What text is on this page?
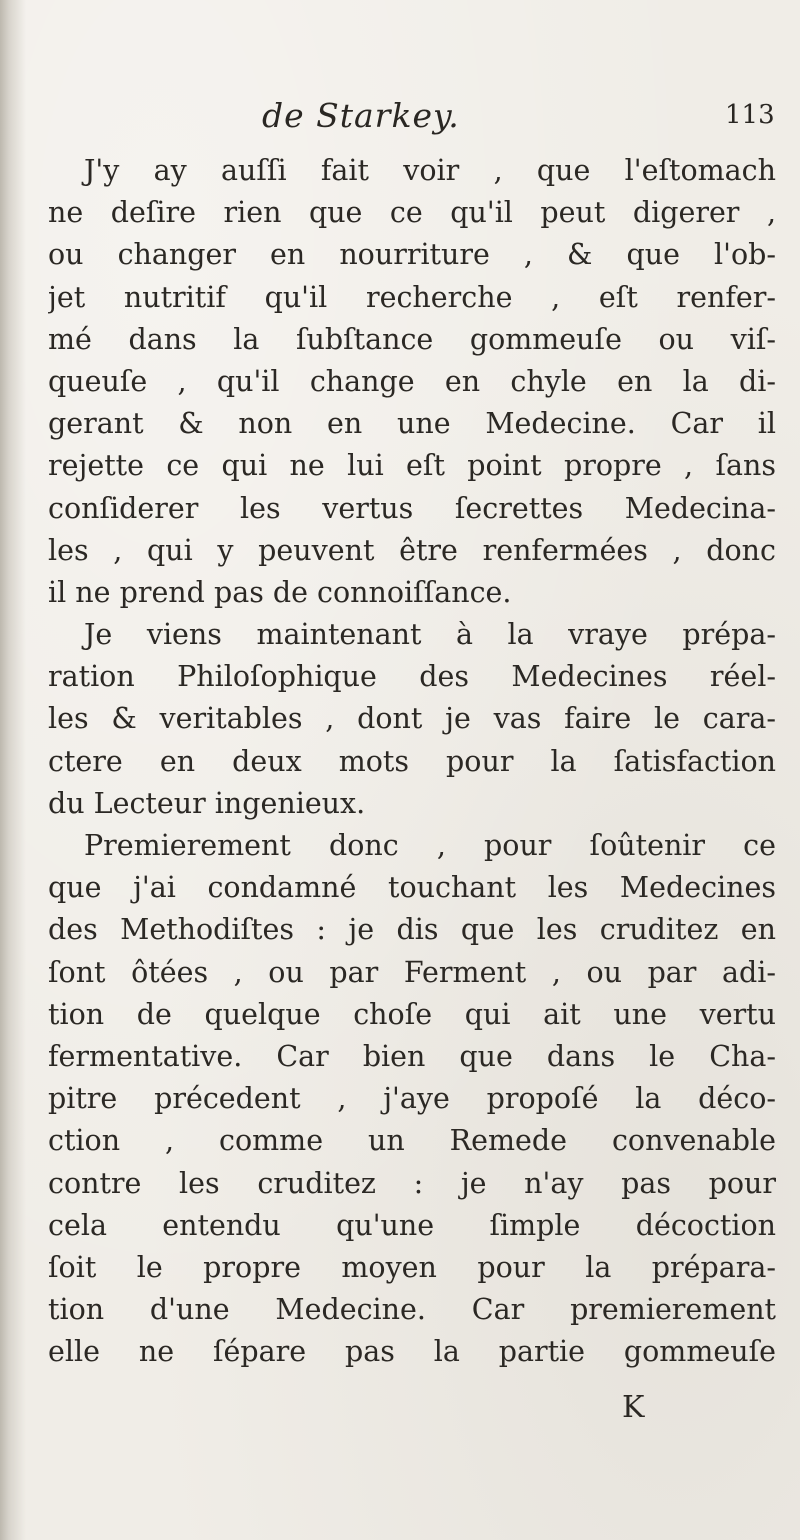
de Starkey.	113
J'y ay auſſi fait voir , que l'eſtomach
ne deſire rien que ce qu'il peut digerer ,
ou changer en nourriture , & que l'ob-
jet nutritif qu'il recherche , eſt renfer-
mé dans la ſubſtance gommeuſe ou viſ-
queuſe , qu'il change en chyle en la di-
gerant & non en une Medecine. Car il
rejette ce qui ne lui eſt point propre , ſans
conſiderer les vertus ſecrettes Medecina-
les , qui y peuvent être renfermées , donc
il ne prend pas de connoiſſance.
Je viens maintenant à la vraye prépa-
ration Philoſophique des Medecines réel-
les & veritables , dont je vas faire le cara-
ctere en deux mots pour la ſatisfaction
du Lecteur ingenieux.
Premierement donc , pour ſoûtenir ce
que j'ai condamné touchant les Medecines
des Methodiſtes : je dis que les cruditez en
ſont ôtées , ou par Ferment , ou par adi-
tion de quelque choſe qui ait une vertu
fermentative. Car bien que dans le Cha-
pitre précedent , j'aye propoſé la déco-
ction , comme un Remede convenable
contre les cruditez : je n'ay pas pour
cela entendu qu'une ſimple décoction
ſoit le propre moyen pour la prépara-
tion d'une Medecine. Car premierement
elle ne ſépare pas la partie gommeuſe
K
